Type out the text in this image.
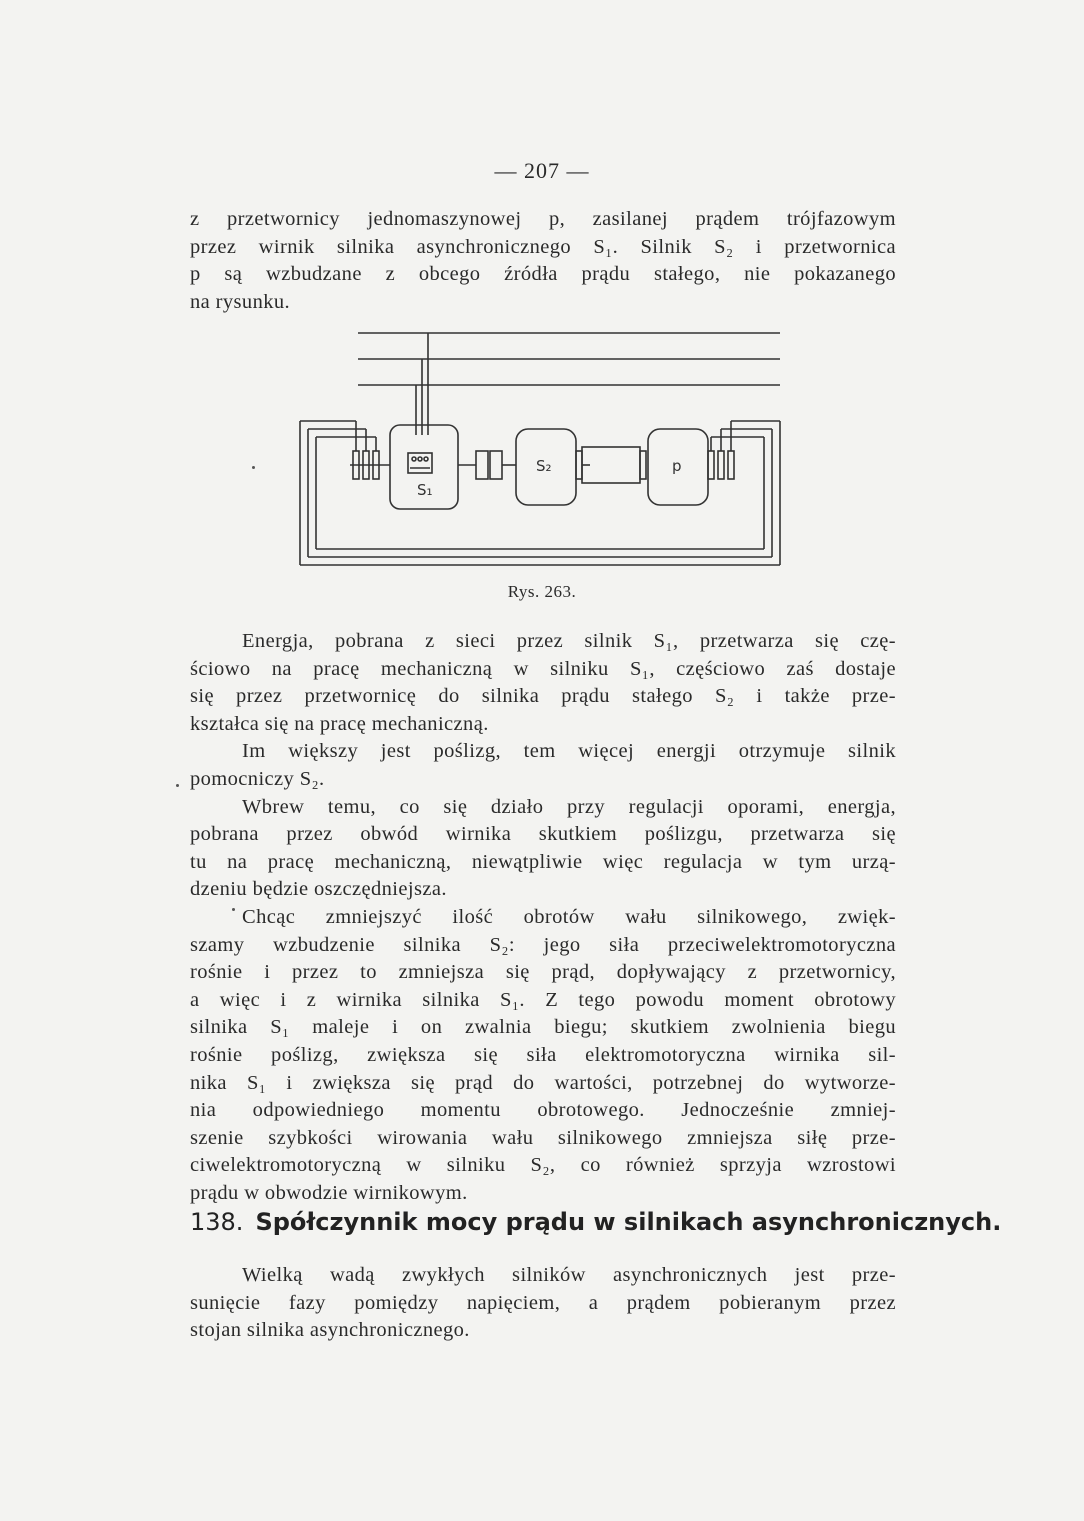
— 207 —
z przetwornicy jednomaszynowej p, zasilanej prądem trójfazowym
przez wirnik silnika asynchronicznego S₁. Silnik S₂ i przetwornica
p są wzbudzane z obcego źródła prądu stałego, nie pokazanego
na rysunku.
S₁
S₂	p
Rys. 263.
Energja, pobrana z sieci przez silnik S₁, przetwarza się czę-
ściowo na pracę mechaniczną w silniku S₁, częściowo zaś dostaje
się przez przetwornicę do silnika prądu stałego S₂ i także prze-
kształca się na pracę mechaniczną.
Im większy jest poślizg, tem więcej energji otrzymuje silnik
pomocniczy S₂.
Wbrew temu, co się działo przy regulacji oporami, energja,
pobrana przez obwód wirnika skutkiem poślizgu, przetwarza się
tu na pracę mechaniczną, niewątpliwie więc regulacja w tym urzą-
dzeniu będzie oszczędniejsza.
Chcąc zmniejszyć ilość obrotów wału silnikowego, zwięk-
szamy wzbudzenie silnika S₂: jego siła przeciwelektromotoryczna
rośnie i przez to zmniejsza się prąd, dopływający z przetwornicy,
a więc i z wirnika silnika S₁. Z tego powodu moment obrotowy
silnika S₁ maleje i on zwalnia biegu; skutkiem zwolnienia biegu
rośnie poślizg, zwiększa się siła elektromotoryczna wirnika sil-
nika S₁ i zwiększa się prąd do wartości, potrzebnej do wytworze-
nia odpowiedniego momentu obrotowego. Jednocześnie zmniej-
szenie szybkości wirowania wału silnikowego zmniejsza siłę prze-
ciwelektromotoryczną w silniku S₂, co również sprzyja wzrostowi
prądu w obwodzie wirnikowym.
138. Spółczynnik mocy prądu w silnikach asynchronicznych.
Wielką wadą zwykłych silników asynchronicznych jest prze-
sunięcie fazy pomiędzy napięciem, a prądem pobieranym przez
stojan silnika asynchronicznego.
